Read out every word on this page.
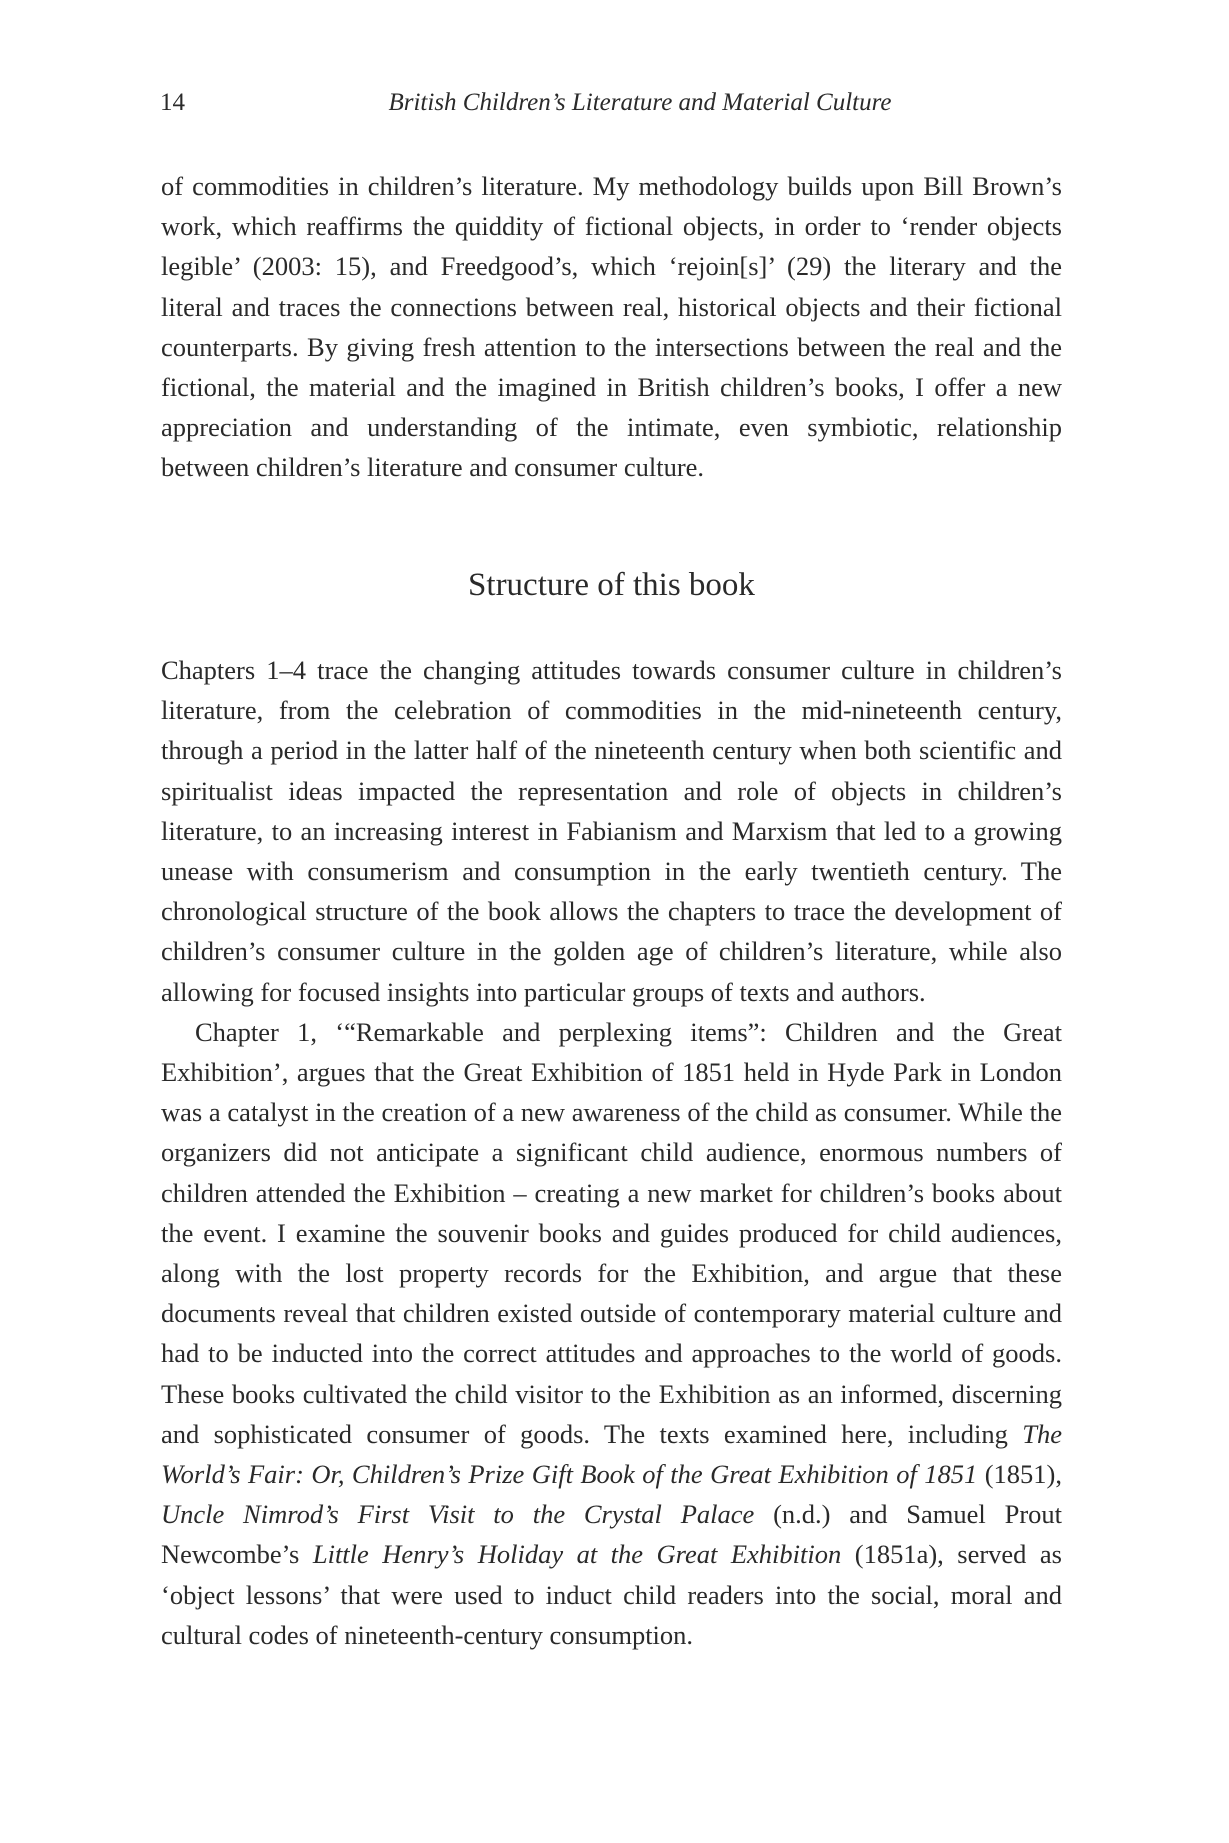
14	British Children’s Literature and Material Culture

of commodities in children’s literature. My methodology builds upon Bill Brown’s work, which reaffirms the quiddity of fictional objects, in order to ‘render objects legible’ (2003: 15), and Freedgood’s, which ‘rejoin[s]’ (29) the literary and the literal and traces the connections between real, historical objects and their fictional counterparts. By giving fresh attention to the intersections between the real and the fictional, the material and the imagined in British children’s books, I offer a new appreciation and understanding of the intimate, even symbiotic, relationship between children’s literature and consumer culture.

Structure of this book

Chapters 1–4 trace the changing attitudes towards consumer culture in children’s literature, from the celebration of commodities in the mid-nineteenth century, through a period in the latter half of the nineteenth century when both scientific and spiritualist ideas impacted the representation and role of objects in children’s literature, to an increasing interest in Fabianism and Marxism that led to a growing unease with consumerism and consumption in the early twentieth century. The chronological structure of the book allows the chapters to trace the development of children’s consumer culture in the golden age of children’s literature, while also allowing for focused insights into particular groups of texts and authors.

Chapter 1, ‘“Remarkable and perplexing items”: Children and the Great Exhibition’, argues that the Great Exhibition of 1851 held in Hyde Park in London was a catalyst in the creation of a new awareness of the child as consumer. While the organizers did not anticipate a significant child audience, enormous numbers of children attended the Exhibition – creating a new market for children’s books about the event. I examine the souvenir books and guides produced for child audiences, along with the lost property records for the Exhibition, and argue that these documents reveal that children existed outside of contemporary material culture and had to be inducted into the correct attitudes and approaches to the world of goods. These books cultivated the child visitor to the Exhibition as an informed, discerning and sophisticated consumer of goods. The texts examined here, including The World’s Fair: Or, Children’s Prize Gift Book of the Great Exhibition of 1851 (1851), Uncle Nimrod’s First Visit to the Crystal Palace (n.d.) and Samuel Prout Newcombe’s Little Henry’s Holiday at the Great Exhibition (1851a), served as ‘object lessons’ that were used to induct child readers into the social, moral and cultural codes of nineteenth-century consumption.
